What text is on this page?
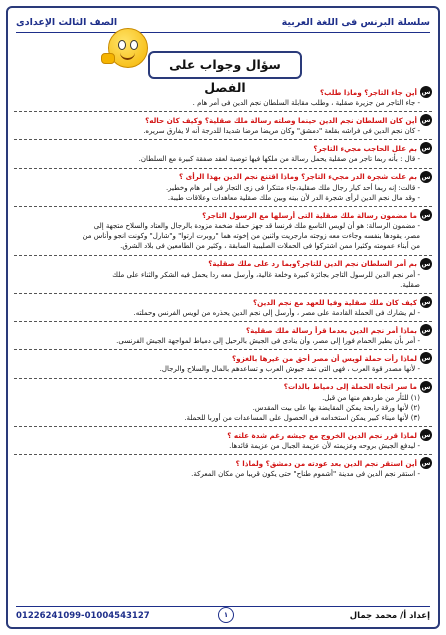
سلسلة البرنس فى اللغة العربية
الصف الثالث الإعدادى
سؤال وجواب على الفصل	س
أين جاء التاجر؟ وماذا طلب؟
- جاء التاجر من جزيرة صقلية ، وطلب مقابلة السلطان نجم الدين فى أمر هام .
س
أين كان السلطان نجم الدين حينما وصلته رسالة ملك صقلية؟ وكيف كان حاله؟
- كان نجم الدين فى فراشه بقلعة "دمشق" وكان مريضا مرضا شديدا للدرجة أنه لا يفارق سريره.
س
بم علل الحاجب مجيء التاجر؟
- قال : بأنه ربما تاجر من صقلية يحمل رسالة من ملكها فيها توصية لعقد صفقة كبيرة مع السلطان.
س
بم علت شجرة الدر مجيء التاجر؟ وماذا اقتنع نجم الدين بهذا الرأى ؟
- قالت: إنه ربما أحد كبار رجال ملك صقلية،جاء متنكرا فى زى التجار فى أمر هام وخطير.
- وقد مال نجم الدين لرأى شجرة الدر لأن بينه وبين ملك صقلية معاهدات وعلاقات طيبة.
س
ما مضمون رسالة ملك صقلية التى أرسلها مع الرسول التاجر؟
- مضمون الرسالة: هو أن لويس التاسع ملك فرنسا قد جهز حملة ضخمة مزودة بالرجال والعتاد والسلاح متجهة إلى
مصر، يقودها بنفسه وجاءت معه زوجته مارجريت واثنين من إخوته هما "روبرت ارتوا" و"شارل" وكونت انجو وأناس من
من أبناء عمومته وكثيرا ممن اشتركوا فى الحملات الصليبية السابقة ، وكثير من الطامعين فى بلاد الشرق.
س
بم أمر السلطان نجم الدين للتاجر؟وبما رد على ملك صقلية؟
- أمر نجم الدين للرسول التاجر بجائزة كبيرة وخلعة غالية، وأرسل معه ردا يحمل فيه الشكر والثناء على ملك
صقلية.
س
كيف كان ملك صقلية وفيا للعهد مع نجم الدين؟
- لم يشارك فى الحملة القادمة على مصر ، وأرسل إلى نجم الدين يحذره من لويس الفرنس وحملته.
س
بماذا أمر نجم الدين بعدما قرأ رسالة ملك صقلية؟
- أمر بأن يطير الحمام فورا إلى مصر، وأن ينادى فى الجيش بالرحيل إلى دمياط لمواجهة الجيش الفرنسى.
س
لماذا رأت حملة لويس أن مصر أحق من غيرها بالغزو؟
- لأنها مصدر قوة العرب ، فهى التى تمد جيوش العرب و تساعدهم بالمال والسلاح والرجال.
س
ما سر اتجاه الحملة إلى دمياط بالذات؟
(١) للثأر من طردهم منها من قبل.
(٢) لأنها ورقة رابحة يمكن المقايضة بها على بيت المقدس.
(٣) لأنها ميناء كبير يمكن استخدامه فى الحصول على المساعدات من أوربا للحملة.
س
لماذا قرر نجم الدين الخروج مع جيشه رغم شدة علته ؟
- ليدفع الجيش بروحه وعزيمته لأن عزيمة الجبال من عزيمة قائدها.
س
أين استقر نجم الدين بعد عودته من دمشق؟ ولماذا ؟
- استقر نجم الدين فى مدينة "أشموم طناح" حتى يكون قريبا من مكان المعركة.
إعداد أ/ محمد جمال
01226241099-01004543127	١
